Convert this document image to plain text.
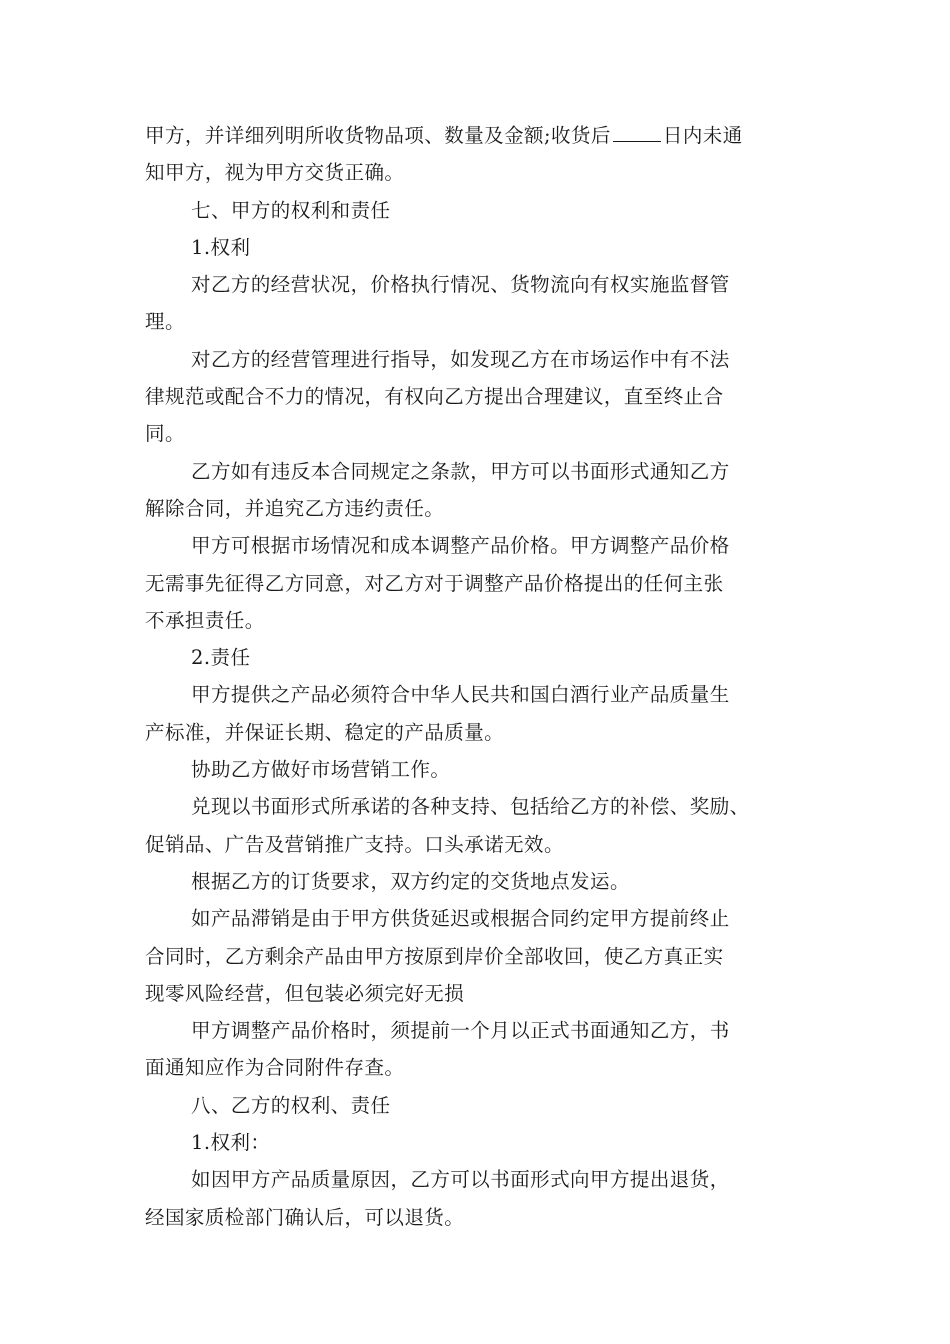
甲方，并详细列明所收货物品项、数量及金额;收货后	日内未通
知甲方，视为甲方交货正确。
七、甲方的权利和责任
1.权利
对乙方的经营状况，价格执行情况、货物流向有权实施监督管
理。
对乙方的经营管理进行指导，如发现乙方在市场运作中有不法
律规范或配合不力的情况，有权向乙方提出合理建议，直至终止合
同。
乙方如有违反本合同规定之条款，甲方可以书面形式通知乙方
解除合同，并追究乙方违约责任。
甲方可根据市场情况和成本调整产品价格。甲方调整产品价格
无需事先征得乙方同意，对乙方对于调整产品价格提出的任何主张
不承担责任。
2.责任
甲方提供之产品必须符合中华人民共和国白酒行业产品质量生
产标准，并保证长期、稳定的产品质量。
协助乙方做好市场营销工作。
兑现以书面形式所承诺的各种支持、包括给乙方的补偿、奖励、
促销品、广告及营销推广支持。口头承诺无效。
根据乙方的订货要求，双方约定的交货地点发运。
如产品滞销是由于甲方供货延迟或根据合同约定甲方提前终止
合同时，乙方剩余产品由甲方按原到岸价全部收回，使乙方真正实
现零风险经营，但包装必须完好无损
甲方调整产品价格时，须提前一个月以正式书面通知乙方，书
面通知应作为合同附件存查。
八、乙方的权利、责任
1.权利：
如因甲方产品质量原因，乙方可以书面形式向甲方提出退货，
经国家质检部门确认后，可以退货。
